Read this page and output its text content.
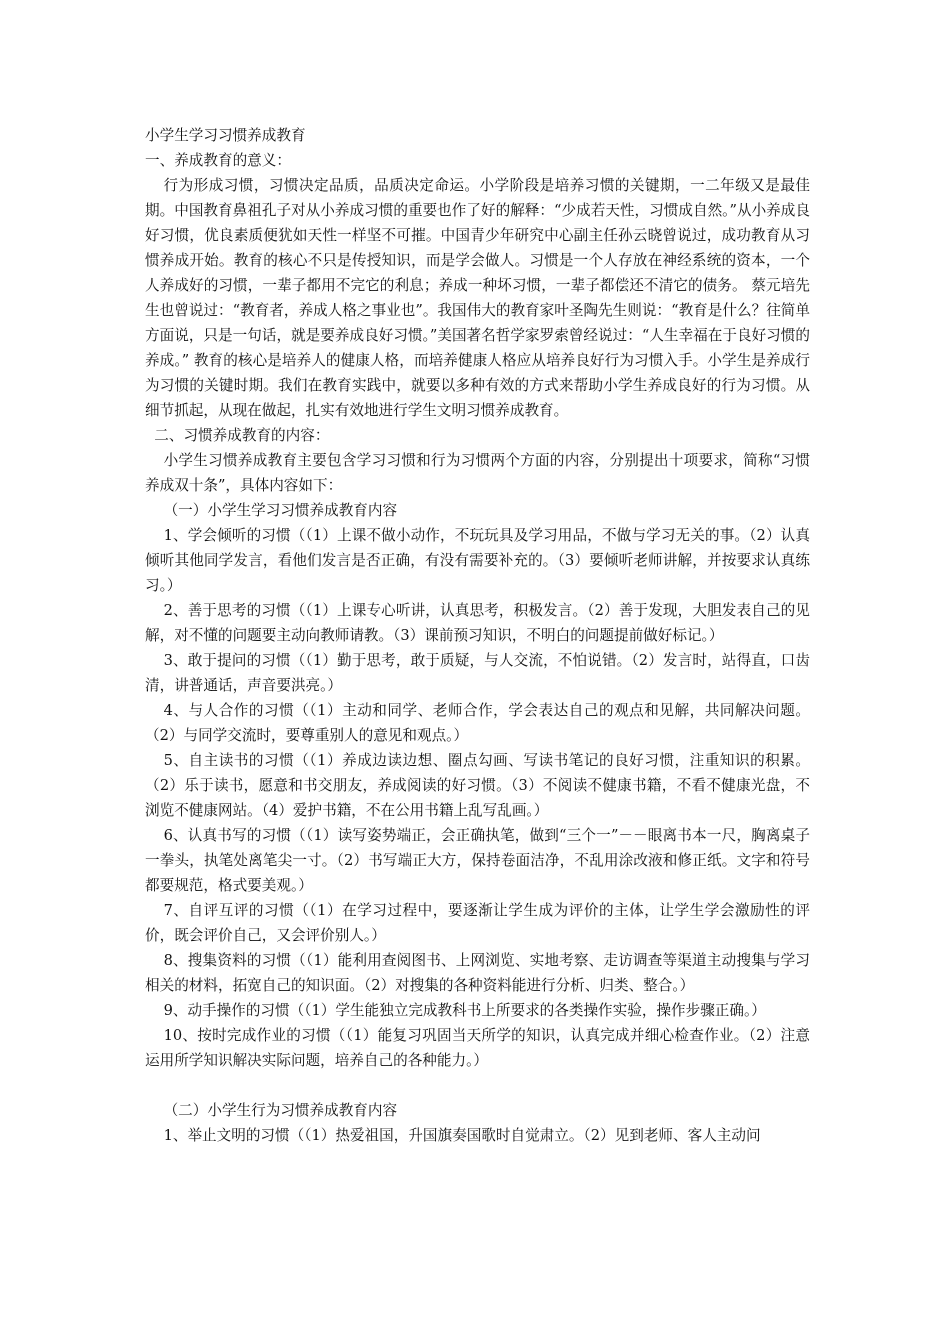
小学生学习习惯养成教育

一、养成教育的意义：

行为形成习惯，习惯决定品质，品质决定命运。小学阶段是培养习惯的关键期，一二年级又是最佳期。中国教育鼻祖孔子对从小养成习惯的重要也作了好的解释：“少成若天性，习惯成自然。”从小养成良好习惯，优良素质便犹如天性一样坚不可摧。中国青少年研究中心副主任孙云晓曾说过，成功教育从习惯养成开始。教育的核心不只是传授知识，而是学会做人。习惯是一个人存放在神经系统的资本，一个人养成好的习惯，一辈子都用不完它的利息；养成一种坏习惯，一辈子都偿还不清它的债务。 蔡元培先生也曾说过：“教育者，养成人格之事业也”。我国伟大的教育家叶圣陶先生则说：“教育是什么？往简单方面说，只是一句话，就是要养成良好习惯。”美国著名哲学家罗索曾经说过：“人生幸福在于良好习惯的养成。” 教育的核心是培养人的健康人格，而培养健康人格应从培养良好行为习惯入手。小学生是养成行为习惯的关键时期。我们在教育实践中，就要以多种有效的方式来帮助小学生养成良好的行为习惯。从细节抓起，从现在做起，扎实有效地进行学生文明习惯养成教育。

二、习惯养成教育的内容：

小学生习惯养成教育主要包含学习习惯和行为习惯两个方面的内容，分别提出十项要求，简称“习惯养成双十条”，具体内容如下：

（一）小学生学习习惯养成教育内容

1、学会倾听的习惯（（1）上课不做小动作，不玩玩具及学习用品，不做与学习无关的事。（2）认真倾听其他同学发言，看他们发言是否正确，有没有需要补充的。（3）要倾听老师讲解，并按要求认真练习。）

2、善于思考的习惯（（1）上课专心听讲，认真思考，积极发言。（2）善于发现，大胆发表自己的见解，对不懂的问题要主动向教师请教。（3）课前预习知识，不明白的问题提前做好标记。）

3、敢于提问的习惯（（1）勤于思考，敢于质疑，与人交流，不怕说错。（2）发言时，站得直，口齿清，讲普通话，声音要洪亮。）

4、与人合作的习惯（（1）主动和同学、老师合作，学会表达自己的观点和见解，共同解决问题。（2）与同学交流时，要尊重别人的意见和观点。）

5、自主读书的习惯（（1）养成边读边想、圈点勾画、写读书笔记的良好习惯，注重知识的积累。（2）乐于读书，愿意和书交朋友，养成阅读的好习惯。（3）不阅读不健康书籍，不看不健康光盘，不浏览不健康网站。（4）爱护书籍，不在公用书籍上乱写乱画。）

6、认真书写的习惯（（1）读写姿势端正，会正确执笔，做到“三个一”－－眼离书本一尺，胸离桌子一拳头，执笔处离笔尖一寸。（2）书写端正大方，保持卷面洁净，不乱用涂改液和修正纸。文字和符号都要规范，格式要美观。）

7、自评互评的习惯（（1）在学习过程中，要逐渐让学生成为评价的主体，让学生学会激励性的评价，既会评价自己，又会评价别人。）

8、搜集资料的习惯（（1）能利用查阅图书、上网浏览、实地考察、走访调查等渠道主动搜集与学习相关的材料，拓宽自己的知识面。（2）对搜集的各种资料能进行分析、归类、整合。）

9、动手操作的习惯（（1）学生能独立完成教科书上所要求的各类操作实验，操作步骤正确。）

10、按时完成作业的习惯（（1）能复习巩固当天所学的知识，认真完成并细心检查作业。（2）注意运用所学知识解决实际问题，培养自己的各种能力。）

（二）小学生行为习惯养成教育内容

1、举止文明的习惯（（1）热爱祖国，升国旗奏国歌时自觉肃立。（2）见到老师、客人主动问
